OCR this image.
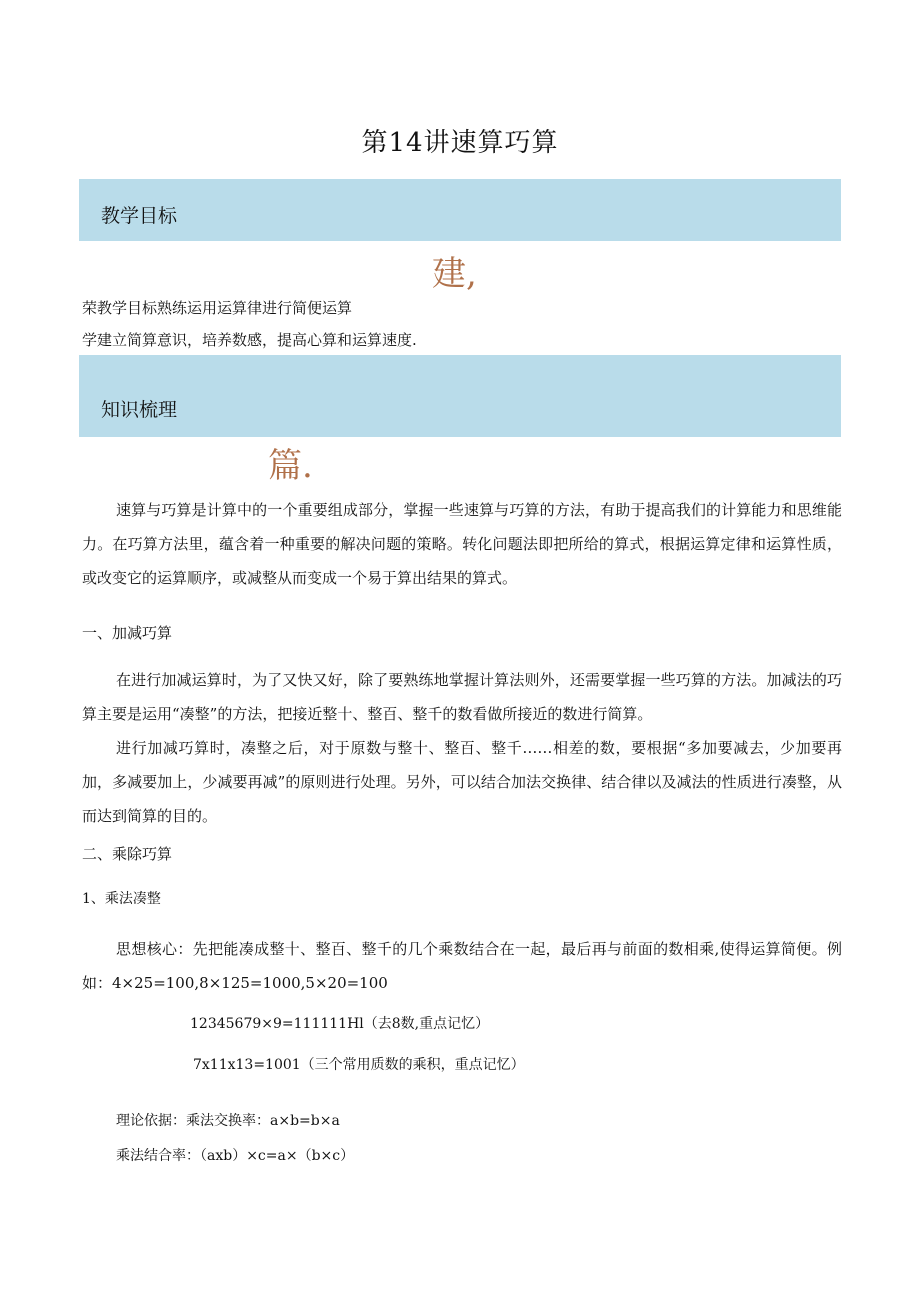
第14讲速算巧算
教学目标
建,
荣教学目标熟练运用运算律进行简便运算
学建立简算意识，培养数感，提高心算和运算速度.
知识梳理
篇.
速算与巧算是计算中的一个重要组成部分，掌握一些速算与巧算的方法，有助于提高我们的计算能力和思维能力。在巧算方法里，蕴含着一种重要的解决问题的策略。转化问题法即把所给的算式，根据运算定律和运算性质，或改变它的运算顺序，或减整从而变成一个易于算出结果的算式。
一、加减巧算
在进行加减运算时，为了又快又好，除了要熟练地掌握计算法则外，还需要掌握一些巧算的方法。加减法的巧算主要是运用“凑整”的方法，把接近整十、整百、整千的数看做所接近的数进行简算。
进行加减巧算时，凑整之后，对于原数与整十、整百、整千……相差的数，要根据“多加要减去，少加要再加，多减要加上，少减要再减”的原则进行处理。另外，可以结合加法交换律、结合律以及减法的性质进行凑整，从而达到简算的目的。
二、乘除巧算
1、乘法凑整
思想核心：先把能凑成整十、整百、整千的几个乘数结合在一起，最后再与前面的数相乘,使得运算简便。例如：4×25=100,8×125=1000,5×20=100
12345679×9=111111Hl（去8数,重点记忆）
7x11x13=1001（三个常用质数的乘积，重点记忆）
理论依据：乘法交换率：a×b=b×a
乘法结合率：（axb）×c=a×（b×c）
